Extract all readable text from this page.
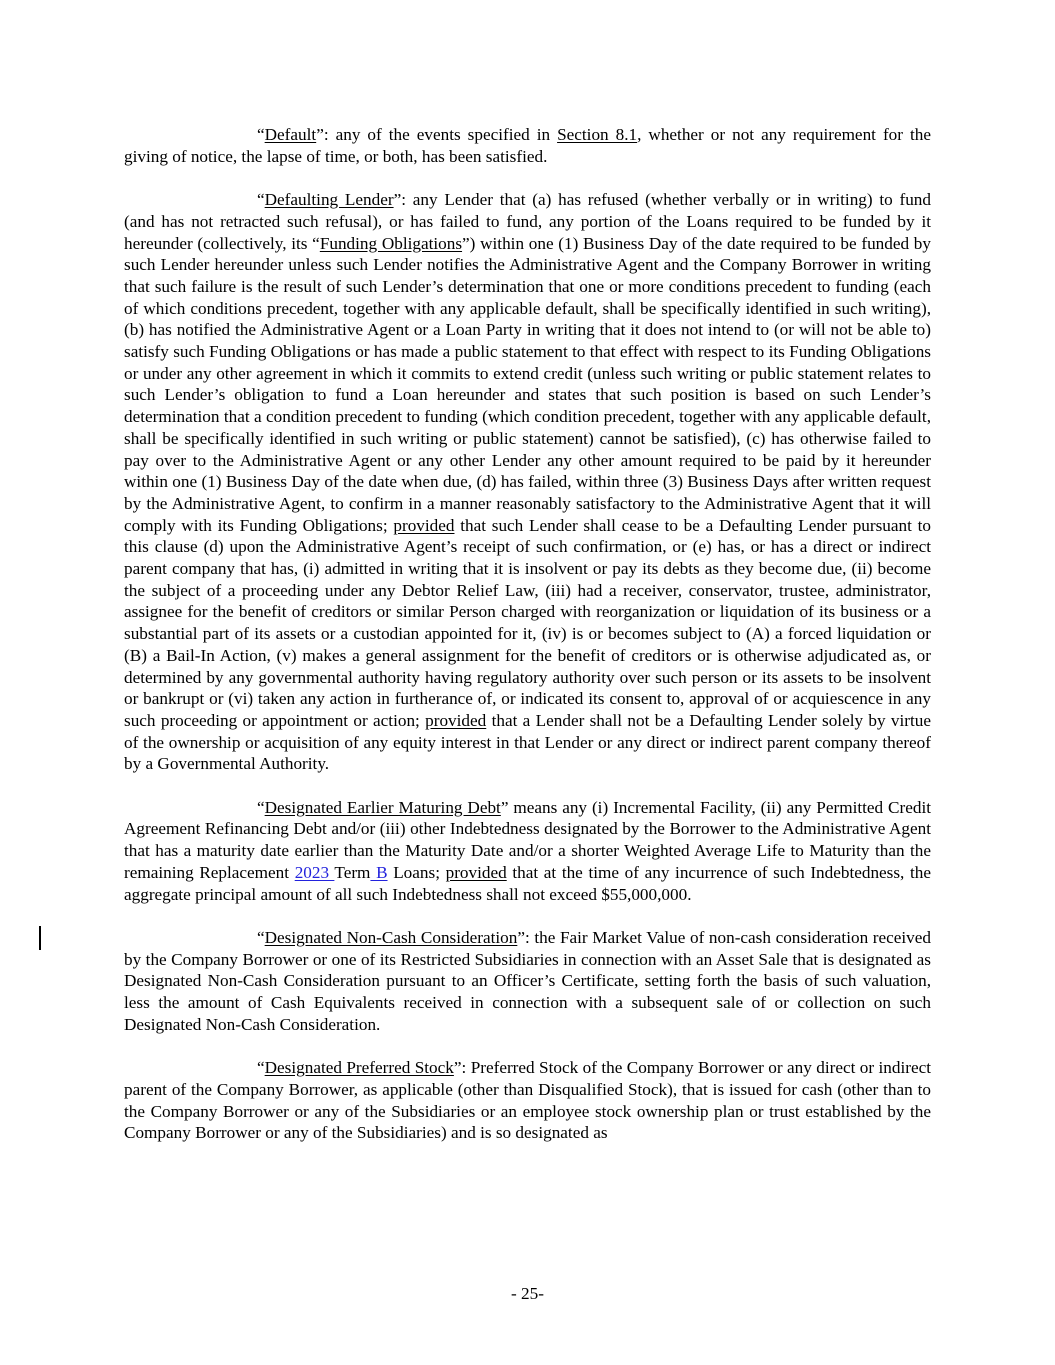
“Default”: any of the events specified in Section 8.1, whether or not any requirement for the giving of notice, the lapse of time, or both, has been satisfied.

“Defaulting Lender”: any Lender that (a) has refused (whether verbally or in writing) to fund (and has not retracted such refusal), or has failed to fund, any portion of the Loans required to be funded by it hereunder (collectively, its “Funding Obligations”) within one (1) Business Day of the date required to be funded by such Lender hereunder unless such Lender notifies the Administrative Agent and the Company Borrower in writing that such failure is the result of such Lender’s determination that one or more conditions precedent to funding (each of which conditions precedent, together with any applicable default, shall be specifically identified in such writing), (b) has notified the Administrative Agent or a Loan Party in writing that it does not intend to (or will not be able to) satisfy such Funding Obligations or has made a public statement to that effect with respect to its Funding Obligations or under any other agreement in which it commits to extend credit (unless such writing or public statement relates to such Lender’s obligation to fund a Loan hereunder and states that such position is based on such Lender’s determination that a condition precedent to funding (which condition precedent, together with any applicable default, shall be specifically identified in such writing or public statement) cannot be satisfied), (c) has otherwise failed to pay over to the Administrative Agent or any other Lender any other amount required to be paid by it hereunder within one (1) Business Day of the date when due, (d) has failed, within three (3) Business Days after written request by the Administrative Agent, to confirm in a manner reasonably satisfactory to the Administrative Agent that it will comply with its Funding Obligations; provided that such Lender shall cease to be a Defaulting Lender pursuant to this clause (d) upon the Administrative Agent’s receipt of such confirmation, or (e) has, or has a direct or indirect parent company that has, (i) admitted in writing that it is insolvent or pay its debts as they become due, (ii) become the subject of a proceeding under any Debtor Relief Law, (iii) had a receiver, conservator, trustee, administrator, assignee for the benefit of creditors or similar Person charged with reorganization or liquidation of its business or a substantial part of its assets or a custodian appointed for it, (iv) is or becomes subject to (A) a forced liquidation or (B) a Bail-In Action, (v) makes a general assignment for the benefit of creditors or is otherwise adjudicated as, or determined by any governmental authority having regulatory authority over such person or its assets to be insolvent or bankrupt or (vi) taken any action in furtherance of, or indicated its consent to, approval of or acquiescence in any such proceeding or appointment or action; provided that a Lender shall not be a Defaulting Lender solely by virtue of the ownership or acquisition of any equity interest in that Lender or any direct or indirect parent company thereof by a Governmental Authority.

“Designated Earlier Maturing Debt” means any (i) Incremental Facility, (ii) any Permitted Credit Agreement Refinancing Debt and/or (iii) other Indebtedness designated by the Borrower to the Administrative Agent that has a maturity date earlier than the Maturity Date and/or a shorter Weighted Average Life to Maturity than the remaining Replacement 2023 Term B Loans; provided that at the time of any incurrence of such Indebtedness, the aggregate principal amount of all such Indebtedness shall not exceed $55,000,000.

“Designated Non-Cash Consideration”: the Fair Market Value of non-cash consideration received by the Company Borrower or one of its Restricted Subsidiaries in connection with an Asset Sale that is designated as Designated Non-Cash Consideration pursuant to an Officer’s Certificate, setting forth the basis of such valuation, less the amount of Cash Equivalents received in connection with a subsequent sale of or collection on such Designated Non-Cash Consideration.

“Designated Preferred Stock”: Preferred Stock of the Company Borrower or any direct or indirect parent of the Company Borrower, as applicable (other than Disqualified Stock), that is issued for cash (other than to the Company Borrower or any of the Subsidiaries or an employee stock ownership plan or trust established by the Company Borrower or any of the Subsidiaries) and is so designated as

- 25-
